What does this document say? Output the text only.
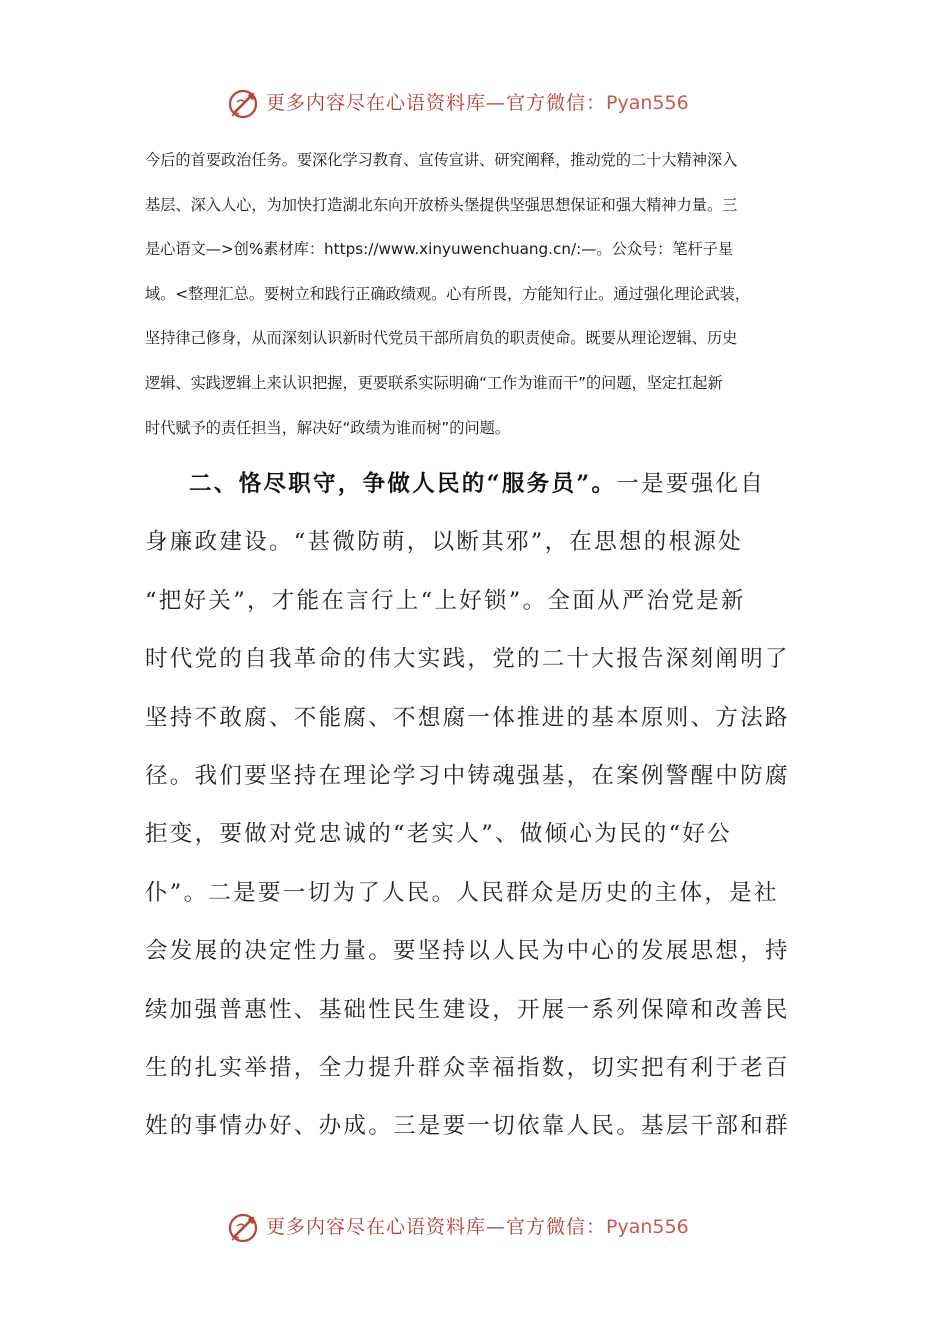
更多内容尽在心语资料库—官方微信：Pyan556
今后的首要政治任务。要深化学习教育、宣传宣讲、研究阐释，推动党的二十大精神深入
基层、深入人心，为加快打造湖北东向开放桥头堡提供坚强思想保证和强大精神力量。三
是心语文—>创%素材库：https://www.xinyuwenchuang.cn/:—。公众号：笔杆子星
域。<整理汇总。要树立和践行正确政绩观。心有所畏，方能知行止。通过强化理论武装，
坚持律己修身，从而深刻认识新时代党员干部所肩负的职责使命。既要从理论逻辑、历史
逻辑、实践逻辑上来认识把握，更要联系实际明确“工作为谁而干”的问题，坚定扛起新
时代赋予的责任担当，解决好“政绩为谁而树”的问题。
二、恪尽职守，争做人民的“服务员”。一是要强化自
身廉政建设。“甚微防萌，以断其邪”，在思想的根源处
“把好关”，才能在言行上“上好锁”。全面从严治党是新
时代党的自我革命的伟大实践，党的二十大报告深刻阐明了
坚持不敢腐、不能腐、不想腐一体推进的基本原则、方法路
径。我们要坚持在理论学习中铸魂强基，在案例警醒中防腐
拒变，要做对党忠诚的“老实人”、做倾心为民的“好公
仆”。二是要一切为了人民。人民群众是历史的主体，是社
会发展的决定性力量。要坚持以人民为中心的发展思想，持
续加强普惠性、基础性民生建设，开展一系列保障和改善民
生的扎实举措，全力提升群众幸福指数，切实把有利于老百
姓的事情办好、办成。三是要一切依靠人民。基层干部和群
更多内容尽在心语资料库—官方微信：Pyan556
